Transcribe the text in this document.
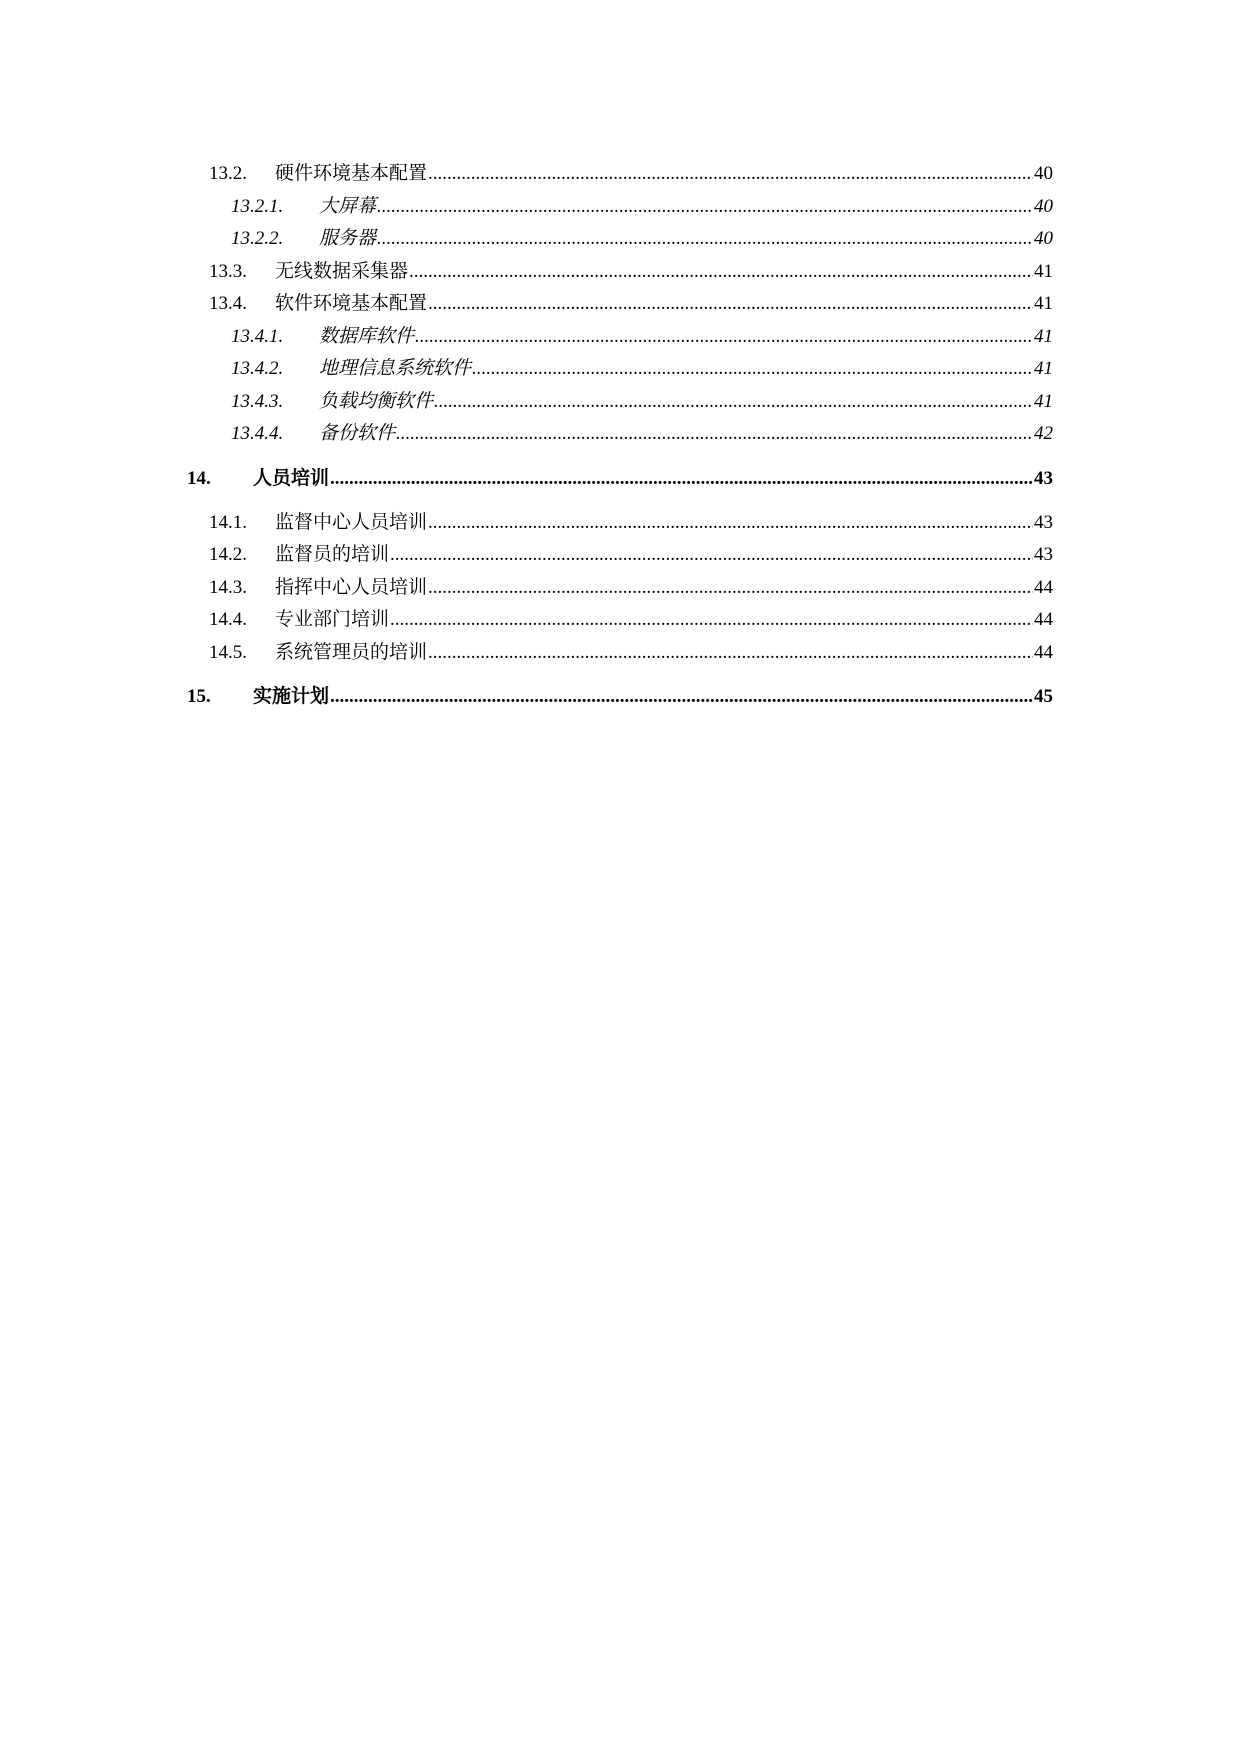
13.2.	硬件环境基本配置 .....	40
13.2.1.	大屏幕 .....	40
13.2.2.	服务器 .....	40
13.3.	无线数据采集器 .....	41
13.4.	软件环境基本配置 .....	41
13.4.1.	数据库软件 .....	41
13.4.2.	地理信息系统软件 .....	41
13.4.3.	负载均衡软件 .....	41
13.4.4.	备份软件 .....	42
14.	人员培训 .....	43
14.1.	监督中心人员培训 .....	43
14.2.	监督员的培训 .....	43
14.3.	指挥中心人员培训 .....	44
14.4.	专业部门培训 .....	44
14.5.	系统管理员的培训 .....	44
15.	实施计划 .....	45
